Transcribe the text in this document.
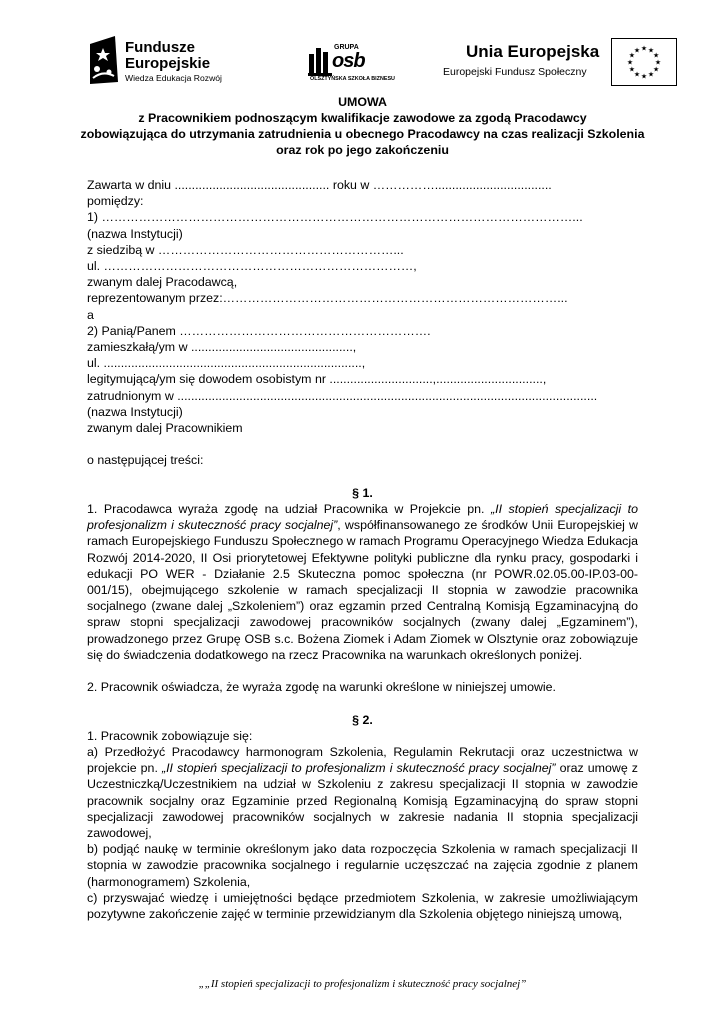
Fundusze
Europejskie
Wiedza Edukacja Rozwój
GRUPA
osb
OLSZTYŃSKA SZKOŁA BIZNESU
Unia Europejska
Europejski Fundusz Społeczny
★
★
★
★
★
★
★
★
★ ★ ★
★
UMOWA
z Pracownikiem podnoszącym kwalifikacje zawodowe za zgodą Pracodawcy
zobowiązująca do utrzymania zatrudnienia u obecnego Pracodawcy na czas realizacji Szkolenia
oraz rok po jego zakończeniu

Zawarta w dniu ............................................. roku w ……………..................................

pomiędzy:

1) ……………………………………………………………………………………………………...

(nazwa Instytucji)

z siedzibą w …………………………………………………...

ul. …………………………………………………………………,

zwanym dalej Pracodawcą,

reprezentowanym przez:………………………………………………………………………...

a

2) Panią/Panem …………………………………………………….

zamieszkałą/ym w ...............................................,

ul. ...........................................................................,

legitymującą/ym się dowodem osobistym nr ..............................,...............................,

zatrudnionym w ..........................................................................................................................

(nazwa Instytucji)

zwanym dalej Pracownikiem

o następującej treści:

§ 1.

1. Pracodawca wyraża zgodę na udział Pracownika w Projekcie pn. „II stopień specjalizacji to profesjonalizm i skuteczność pracy socjalnej”, współfinansowanego ze środków Unii Europejskiej w ramach Europejskiego Funduszu Społecznego w ramach Programu Operacyjnego Wiedza Edukacja Rozwój 2014-2020, II Osi priorytetowej Efektywne polityki publiczne dla rynku pracy, gospodarki i edukacji PO WER - Działanie 2.5 Skuteczna pomoc społeczna (nr POWR.02.05.00-IP.03-00-001/15), obejmującego szkolenie w ramach specjalizacji II stopnia w zawodzie pracownika socjalnego (zwane dalej „Szkoleniem”) oraz egzamin przed Centralną Komisją Egzaminacyjną do spraw stopni specjalizacji zawodowej pracowników socjalnych (zwany dalej „Egzaminem”), prowadzonego przez Grupę OSB s.c. Bożena Ziomek i Adam Ziomek w Olsztynie oraz zobowiązuje się do świadczenia dodatkowego na rzecz Pracownika na warunkach określonych poniżej.

2. Pracownik oświadcza, że wyraża zgodę na warunki określone w niniejszej umowie.

§ 2.

1. Pracownik zobowiązuje się:

a) Przedłożyć Pracodawcy harmonogram Szkolenia, Regulamin Rekrutacji oraz uczestnictwa w projekcie pn. „II stopień specjalizacji to profesjonalizm i skuteczność pracy socjalnej” oraz umowę z Uczestniczką/Uczestnikiem na udział w Szkoleniu z zakresu specjalizacji II stopnia w zawodzie pracownik socjalny oraz Egzaminie przed Regionalną Komisją Egzaminacyjną do spraw stopni specjalizacji zawodowej pracowników socjalnych w zakresie nadania II stopnia specjalizacji zawodowej,

b) podjąć naukę w terminie określonym jako data rozpoczęcia Szkolenia w ramach specjalizacji II stopnia w zawodzie pracownika socjalnego i regularnie uczęszczać na zajęcia zgodnie z planem (harmonogramem) Szkolenia,

c) przyswajać wiedzę i umiejętności będące przedmiotem Szkolenia, w zakresie umożliwiającym pozytywne zakończenie zajęć w terminie przewidzianym dla Szkolenia objętego niniejszą umową,

„„II stopień specjalizacji to profesjonalizm i skuteczność pracy socjalnej”
